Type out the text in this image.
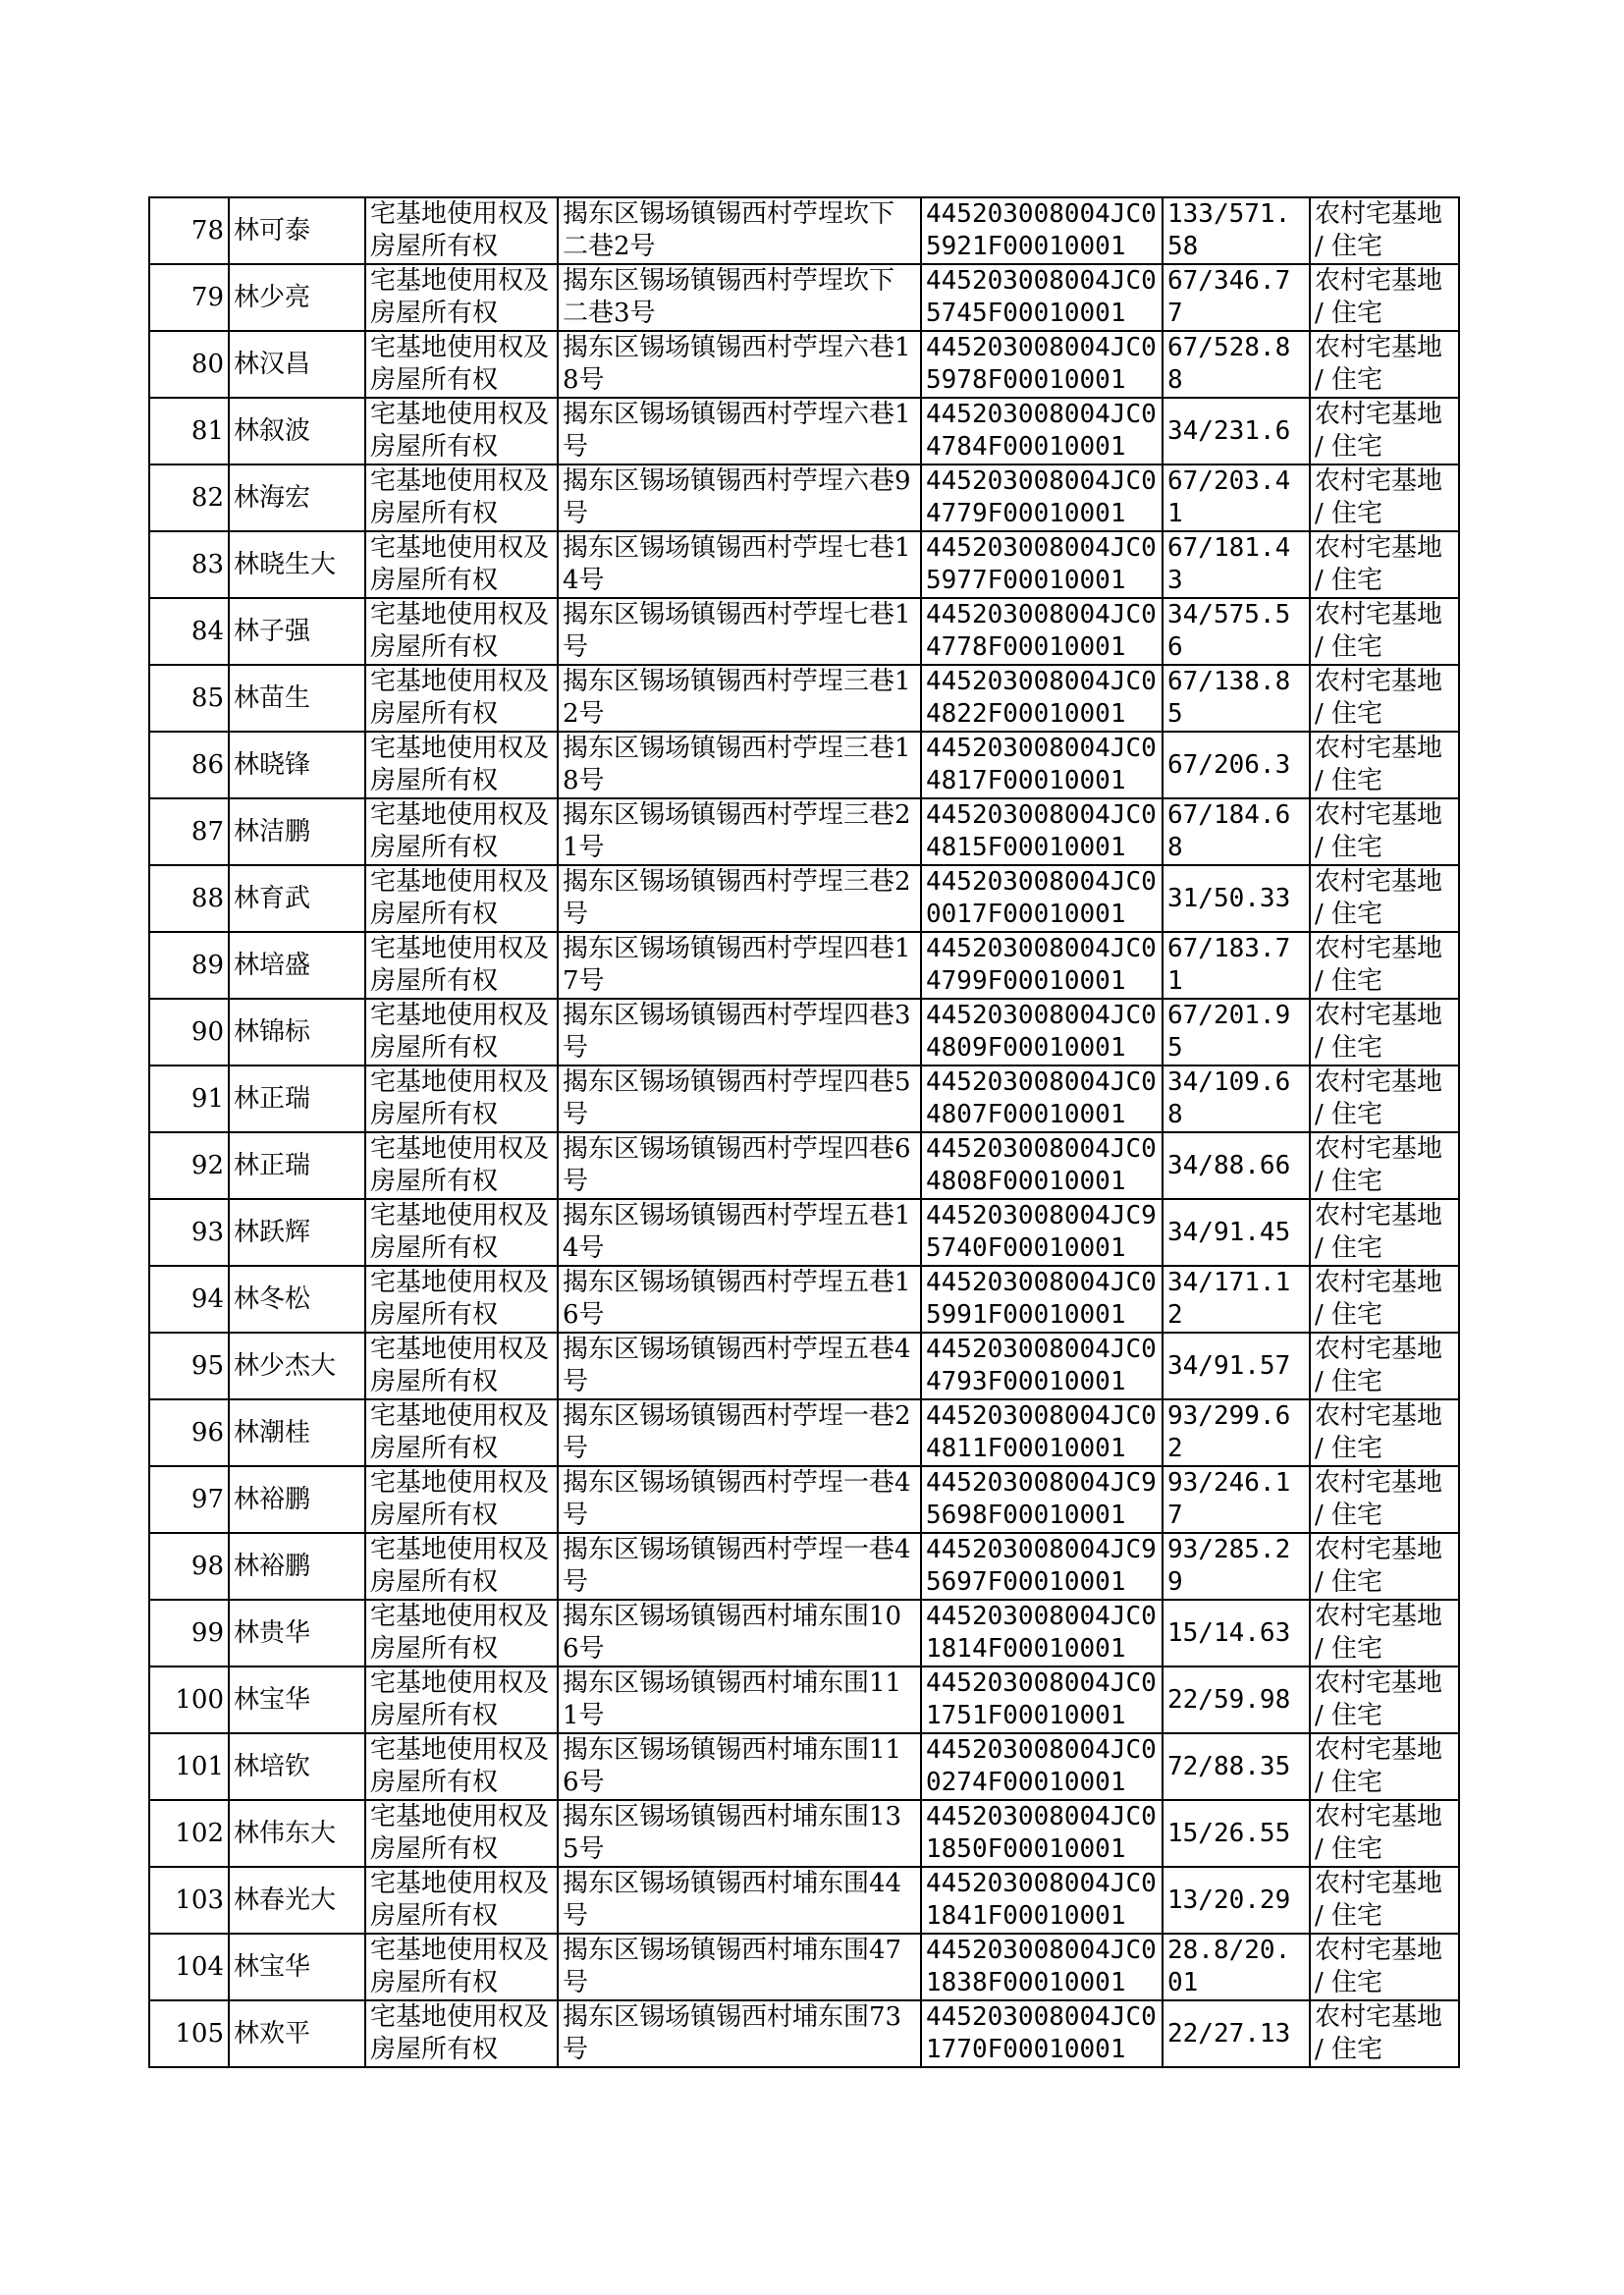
78	林可泰	宅基地使用权及房屋所有权	揭东区锡场镇锡西村苧埕坎下二巷2号	445203008004JC05921F00010001	133/571.58	农村宅基地 / 住宅
79	林少亮	宅基地使用权及房屋所有权	揭东区锡场镇锡西村苧埕坎下二巷3号	445203008004JC05745F00010001	67/346.77	农村宅基地 / 住宅
80	林汉昌	宅基地使用权及房屋所有权	揭东区锡场镇锡西村苧埕六巷18号	445203008004JC05978F00010001	67/528.88	农村宅基地 / 住宅
81	林叙波	宅基地使用权及房屋所有权	揭东区锡场镇锡西村苧埕六巷1号	445203008004JC04784F00010001	34/231.6	农村宅基地 / 住宅
82	林海宏	宅基地使用权及房屋所有权	揭东区锡场镇锡西村苧埕六巷9号	445203008004JC04779F00010001	67/203.41	农村宅基地 / 住宅
83	林晓生大	宅基地使用权及房屋所有权	揭东区锡场镇锡西村苧埕七巷14号	445203008004JC05977F00010001	67/181.43	农村宅基地 / 住宅
84	林子强	宅基地使用权及房屋所有权	揭东区锡场镇锡西村苧埕七巷1号	445203008004JC04778F00010001	34/575.56	农村宅基地 / 住宅
85	林苗生	宅基地使用权及房屋所有权	揭东区锡场镇锡西村苧埕三巷12号	445203008004JC04822F00010001	67/138.85	农村宅基地 / 住宅
86	林晓锋	宅基地使用权及房屋所有权	揭东区锡场镇锡西村苧埕三巷18号	445203008004JC04817F00010001	67/206.3	农村宅基地 / 住宅
87	林洁鹏	宅基地使用权及房屋所有权	揭东区锡场镇锡西村苧埕三巷21号	445203008004JC04815F00010001	67/184.68	农村宅基地 / 住宅
88	林育武	宅基地使用权及房屋所有权	揭东区锡场镇锡西村苧埕三巷2号	445203008004JC00017F00010001	31/50.33	农村宅基地 / 住宅
89	林培盛	宅基地使用权及房屋所有权	揭东区锡场镇锡西村苧埕四巷17号	445203008004JC04799F00010001	67/183.71	农村宅基地 / 住宅
90	林锦标	宅基地使用权及房屋所有权	揭东区锡场镇锡西村苧埕四巷3号	445203008004JC04809F00010001	67/201.95	农村宅基地 / 住宅
91	林正瑞	宅基地使用权及房屋所有权	揭东区锡场镇锡西村苧埕四巷5号	445203008004JC04807F00010001	34/109.68	农村宅基地 / 住宅
92	林正瑞	宅基地使用权及房屋所有权	揭东区锡场镇锡西村苧埕四巷6号	445203008004JC04808F00010001	34/88.66	农村宅基地 / 住宅
93	林跃辉	宅基地使用权及房屋所有权	揭东区锡场镇锡西村苧埕五巷14号	445203008004JC95740F00010001	34/91.45	农村宅基地 / 住宅
94	林冬松	宅基地使用权及房屋所有权	揭东区锡场镇锡西村苧埕五巷16号	445203008004JC05991F00010001	34/171.12	农村宅基地 / 住宅
95	林少杰大	宅基地使用权及房屋所有权	揭东区锡场镇锡西村苧埕五巷4号	445203008004JC04793F00010001	34/91.57	农村宅基地 / 住宅
96	林潮桂	宅基地使用权及房屋所有权	揭东区锡场镇锡西村苧埕一巷2号	445203008004JC04811F00010001	93/299.62	农村宅基地 / 住宅
97	林裕鹏	宅基地使用权及房屋所有权	揭东区锡场镇锡西村苧埕一巷4号	445203008004JC95698F00010001	93/246.17	农村宅基地 / 住宅
98	林裕鹏	宅基地使用权及房屋所有权	揭东区锡场镇锡西村苧埕一巷4号	445203008004JC95697F00010001	93/285.29	农村宅基地 / 住宅
99	林贵华	宅基地使用权及房屋所有权	揭东区锡场镇锡西村埔东围106号	445203008004JC01814F00010001	15/14.63	农村宅基地 / 住宅
100	林宝华	宅基地使用权及房屋所有权	揭东区锡场镇锡西村埔东围111号	445203008004JC01751F00010001	22/59.98	农村宅基地 / 住宅
101	林培钦	宅基地使用权及房屋所有权	揭东区锡场镇锡西村埔东围116号	445203008004JC00274F00010001	72/88.35	农村宅基地 / 住宅
102	林伟东大	宅基地使用权及房屋所有权	揭东区锡场镇锡西村埔东围135号	445203008004JC01850F00010001	15/26.55	农村宅基地 / 住宅
103	林春光大	宅基地使用权及房屋所有权	揭东区锡场镇锡西村埔东围44号	445203008004JC01841F00010001	13/20.29	农村宅基地 / 住宅
104	林宝华	宅基地使用权及房屋所有权	揭东区锡场镇锡西村埔东围47号	445203008004JC01838F00010001	28.8/20.01	农村宅基地 / 住宅
105	林欢平	宅基地使用权及房屋所有权	揭东区锡场镇锡西村埔东围73号	445203008004JC01770F00010001	22/27.13	农村宅基地 / 住宅
